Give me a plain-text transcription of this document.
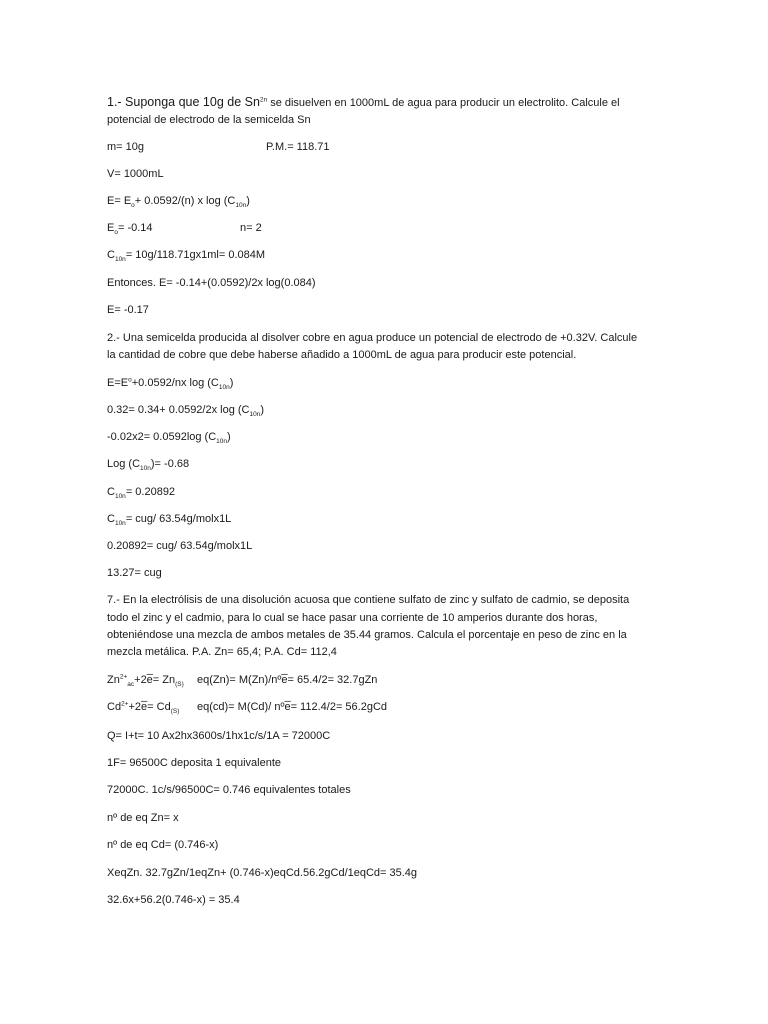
1.- Suponga que 10g de $Sn^{2n}$ se disuelven en 1000mL de agua para producir un electrolito. Calcule el
potencial de electrodo de la semicelda Sn
m= 10g	P.M.= 118.71
V= 1000mL
$E= E_o+ 0.0592/(n)$ x $\log (C_{10n})$
$E_o= -0.14$	n= 2
$C_{10n}= 10g/118.71gx1ml= 0.084M$
Entonces. E= -0.14+(0.0592)/2x log(0.084)
E= -0.17
2.- Una semicelda producida al disolver cobre en agua produce un potencial de electrodo de +0.32V. Calcule
la cantidad de cobre que debe haberse añadido a 1000mL de agua para producir este potencial.
$E=E^o+0.0592/nx$ $\log (C_{10n})$
0.32= 0.34+ 0.0592/2x $\log (C_{10n})$
-0.02x2= 0.0592log $(C_{10n})$
Log $(C_{10n})= -0.68$
$C_{10n}= 0.20892$
$C_{10n}= cug/$ 63.54g/molx1L
0.20892= cug/ 63.54g/molx1L
13.27= cug
7.- En la electrólisis de una disolución acuosa que contiene sulfato de zinc y sulfato de cadmio, se deposita
todo el zinc y el cadmio, para lo cual se hace pasar una corriente de 10 amperios durante dos horas,
obteniéndose una mezcla de ambos metales de 35.44 gramos. Calcula el porcentaje en peso de zinc en la
mezcla metálica. P.A. Zn= 65,4; P.A. Cd= 112,4
$Zn^{2+}_{ac}+2e̅= Zn_{(S)}$ eq(Zn)= M(Zn)/nºe̅= 65.4/2= 32.7gZn
$Cd^{2+}+2e̅= Cd_{(S)}$ eq(cd)= M(Cd)/ nºe̅= 112.4/2= 56.2gCd
Q= I+t= 10 Ax2hx3600s/1hx1c/s/1A = 72000C
1F= 96500C deposita 1 equivalente
72000C. 1c/s/96500C= 0.746 equivalentes totales
nº de eq Zn= x
nº de eq Cd= (0.746-x)
XeqZn. 32.7gZn/1eqZn+ (0.746-x)eqCd.56.2gCd/1eqCd= 35.4g
32.6x+56.2(0.746-x) = 35.4
